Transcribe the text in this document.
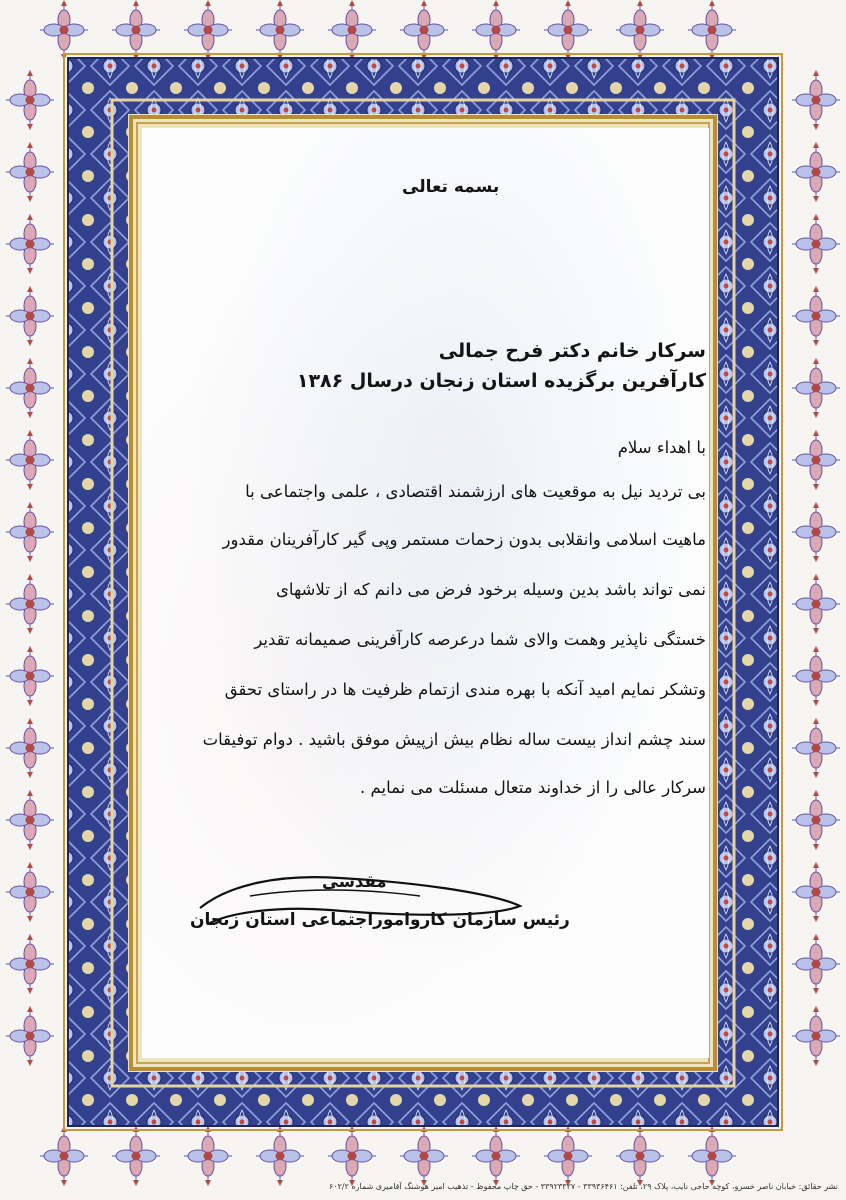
بسمه تعالی

سرکار خانم دکتر فرح جمالی

کارآفرین برگزیده استان زنجان درسال ۱۳۸۶

با اهداء سلام

بی تردید نیل به موقعیت های ارزشمند اقتصادی ، علمی واجتماعی با

ماهیت اسلامی وانقلابی بدون زحمات مستمر وپی گیر کارآفرینان مقدور

نمی تواند باشد بدین وسیله برخود فرض می دانم که از تلاشهای

خستگی ناپذیر وهمت والای شما درعرصه کارآفرینی صمیمانه تقدیر

وتشکر نمایم امید آنکه با بهره مندی ازتمام ظرفیت ها در راستای تحقق

سند چشم انداز بیست ساله نظام بیش ازپیش موفق باشید . دوام توفیقات

سرکار عالی را از خداوند متعال مسئلت می نمایم .

مقدسی

رئیس سازمان کارواموراجتماعی استان زنجان

نشر حقائق: خیابان ناصر خسرو، کوچه حاجی نایب، پلاک ۲۹، تلفن: ۳۳۹۳۶۴۶۱ - ۳۳۹۲۳۳۲۷ - حق چاپ محفوظ - تذهیب امیر هوشنگ آقامیری شماره ۶۰۲/۲
